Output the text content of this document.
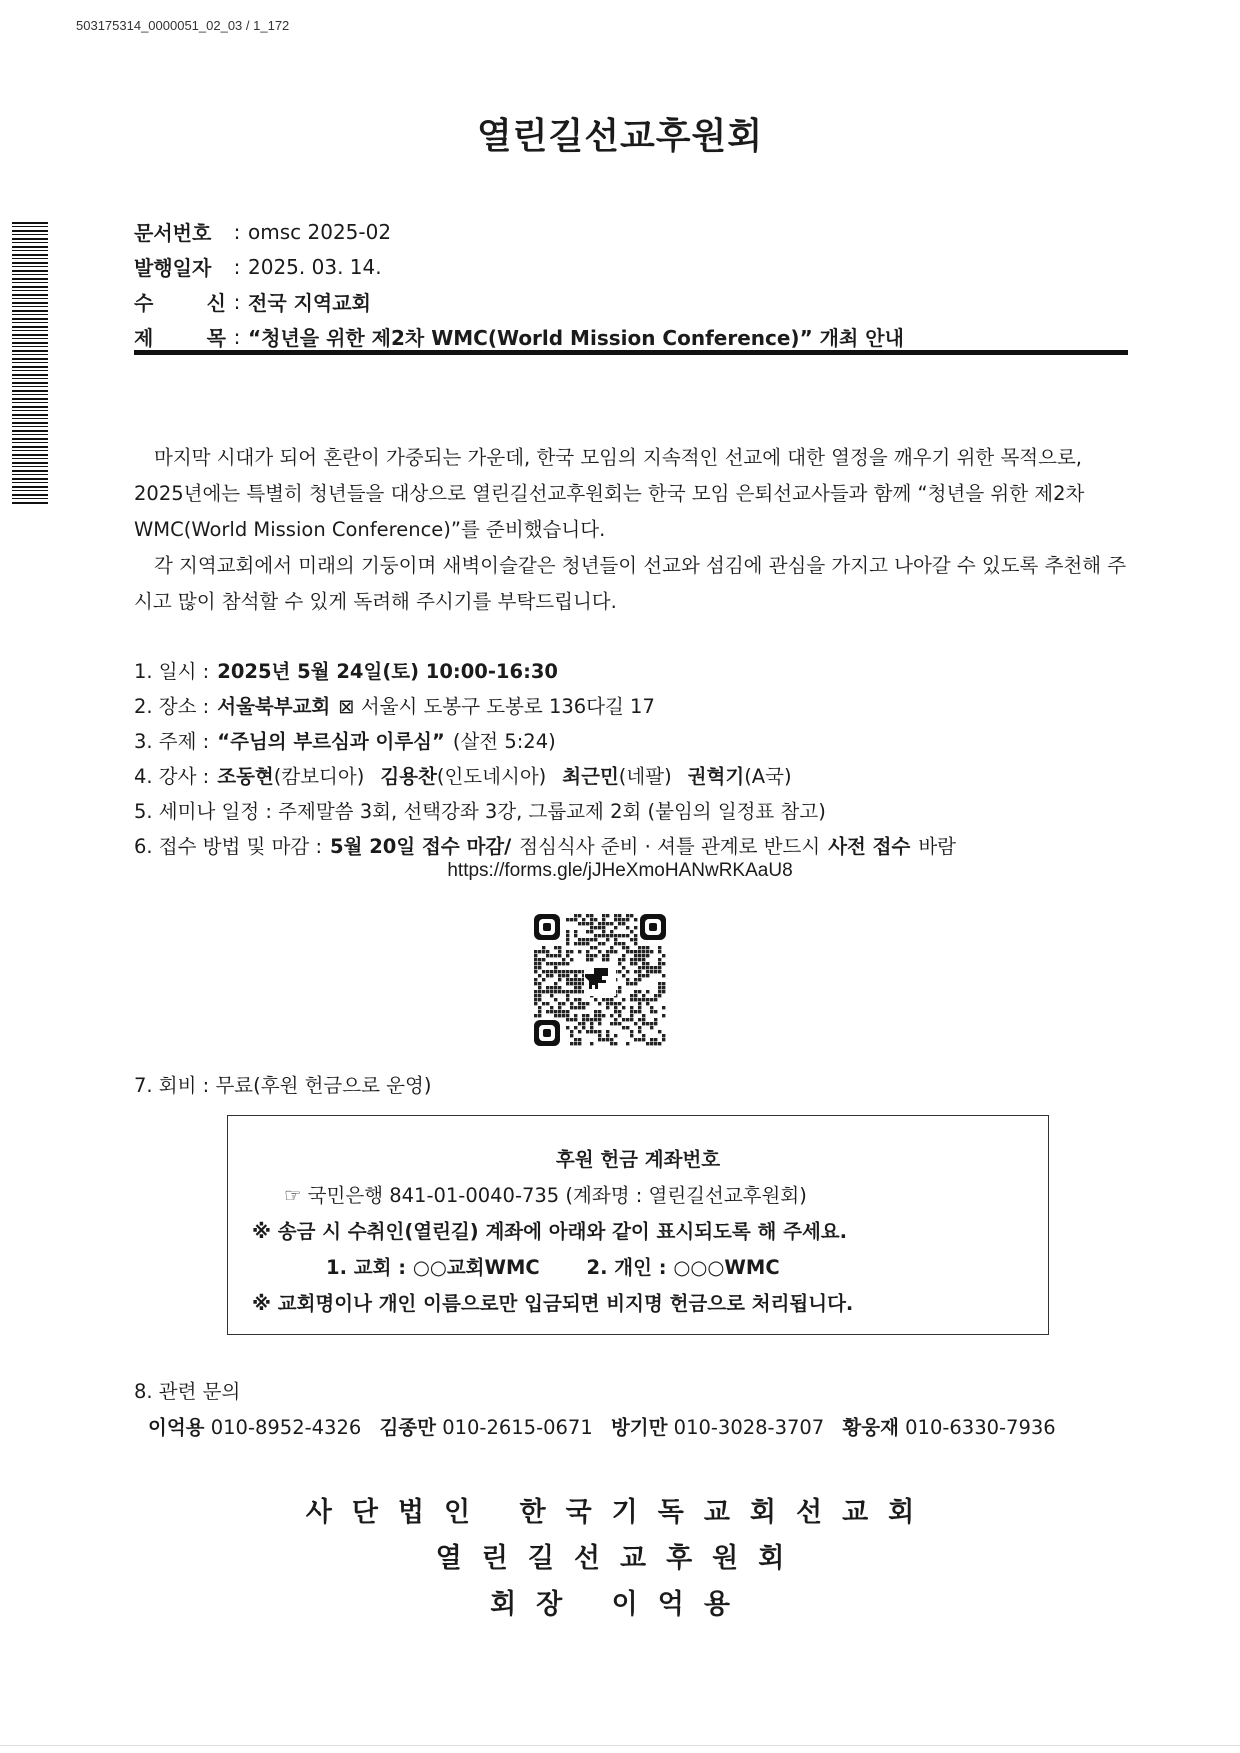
503175314_0000051_02_03 / 1_172
열린길선교후원회
문서번호	: omsc 2025-02
발행일자	: 2025. 03. 14.
수	신 : 전국 지역교회
제	목 : “청년을 위한 제2차 WMC(World Mission Conference)” 개최 안내

마지막 시대가 되어 혼란이 가중되는 가운데, 한국 모임의 지속적인 선교에 대한 열정을 깨우기 위한 목적으로, 2025년에는 특별히 청년들을 대상으로 열린길선교후원회는 한국 모임 은퇴선교사들과 함께 “청년을 위한 제2차 WMC(World Mission Conference)”를 준비했습니다.

각 지역교회에서 미래의 기둥이며 새벽이슬같은 청년들이 선교와 섬김에 관심을 가지고 나아갈 수 있도록 추천해 주시고 많이 참석할 수 있게 독려해 주시기를 부탁드립니다.

1. 일시 : 2025년 5월 24일(토) 10:00-16:30
2. 장소 : 서울북부교회 ⊠ 서울시 도봉구 도봉로 136다길 17
3. 주제 : “주님의 부르심과 이루심” (살전 5:24)
4. 강사 : 조동현 (캄보디아) 김용찬 (인도네시아) 최근민 (네팔) 권혁기 (A국)
5. 세미나 일정 : 주제말씀 3회, 선택강좌 3강, 그룹교제 2회 (붙임의 일정표 참고)
6. 접수 방법 및 마감 : 5월 20일 접수 마감/ 점심식사 준비 · 셔틀 관계로 반드시 사전 접수 바람
https://forms.gle/jJHeXmoHANwRKAaU8
7. 회비 : 무료(후원 헌금으로 운영)
후원 헌금 계좌번호
☞ 국민은행 841-01-0040-735 (계좌명 : 열린길선교후원회)
※ 송금 시 수취인(열린길) 계좌에 아래와 같이 표시되도록 해 주세요.
1. 교회 : ○○교회WMC 2. 개인 : ○○○WMC
※ 교회명이나 개인 이름으로만 입금되면 비지명 헌금으로 처리됩니다.
8. 관련 문의
이억용 010-8952-4326 김종만 010-2615-0671 방기만 010-3028-3707 황웅재 010-6330-7936
사단법인 한국기독교회선교회
열린길선교후원회
회장 이억용
